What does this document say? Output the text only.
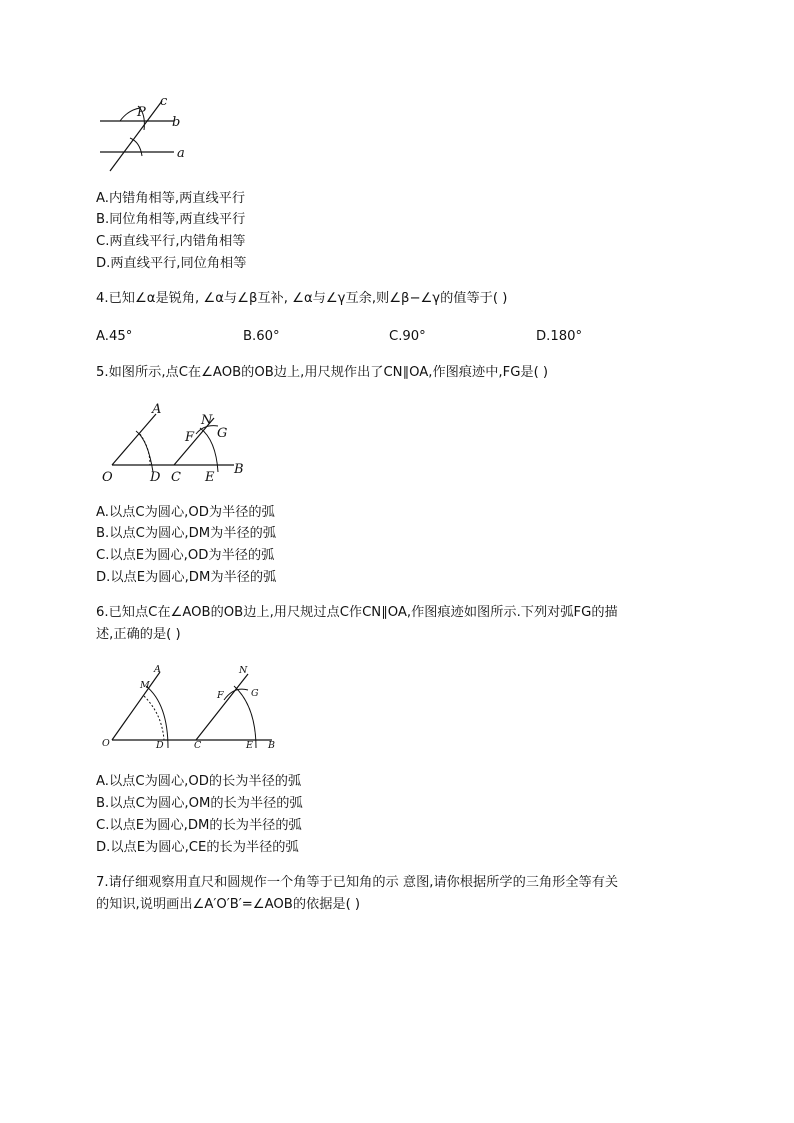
P
c
b
a
A.内错角相等,两直线平行
B.同位角相等,两直线平行
C.两直线平行,内错角相等
D.两直线平行,同位角相等
4.已知∠α是锐角, ∠α与∠β互补, ∠α与∠γ互余,则∠β−∠γ的值等于( )
A.45°	B.60°	C.90°	D.180°
5.如图所示,点C在∠AOB的OB边上,用尺规作出了CN∥OA,作图痕迹中,FG是( )
A
N
F G
O	D C E
B
A.以点C为圆心,OD为半径的弧
B.以点C为圆心,DM为半径的弧
C.以点E为圆心,OD为半径的弧
D.以点E为圆心,DM为半径的弧
6.已知点C在∠AOB的OB边上,用尺规过点C作CN∥OA,作图痕迹如图所示.下列对弧FG的描
述,正确的是( )
A
M
N
F	G
O	D	C	E B
A.以点C为圆心,OD的长为半径的弧
B.以点C为圆心,OM的长为半径的弧
C.以点E为圆心,DM的长为半径的弧
D.以点E为圆心,CE的长为半径的弧
7.请仔细观察用直尺和圆规作一个角等于已知角的示 意图,请你根据所学的三角形全等有关
的知识,说明画出∠A′O′B′=∠AOB的依据是( )
